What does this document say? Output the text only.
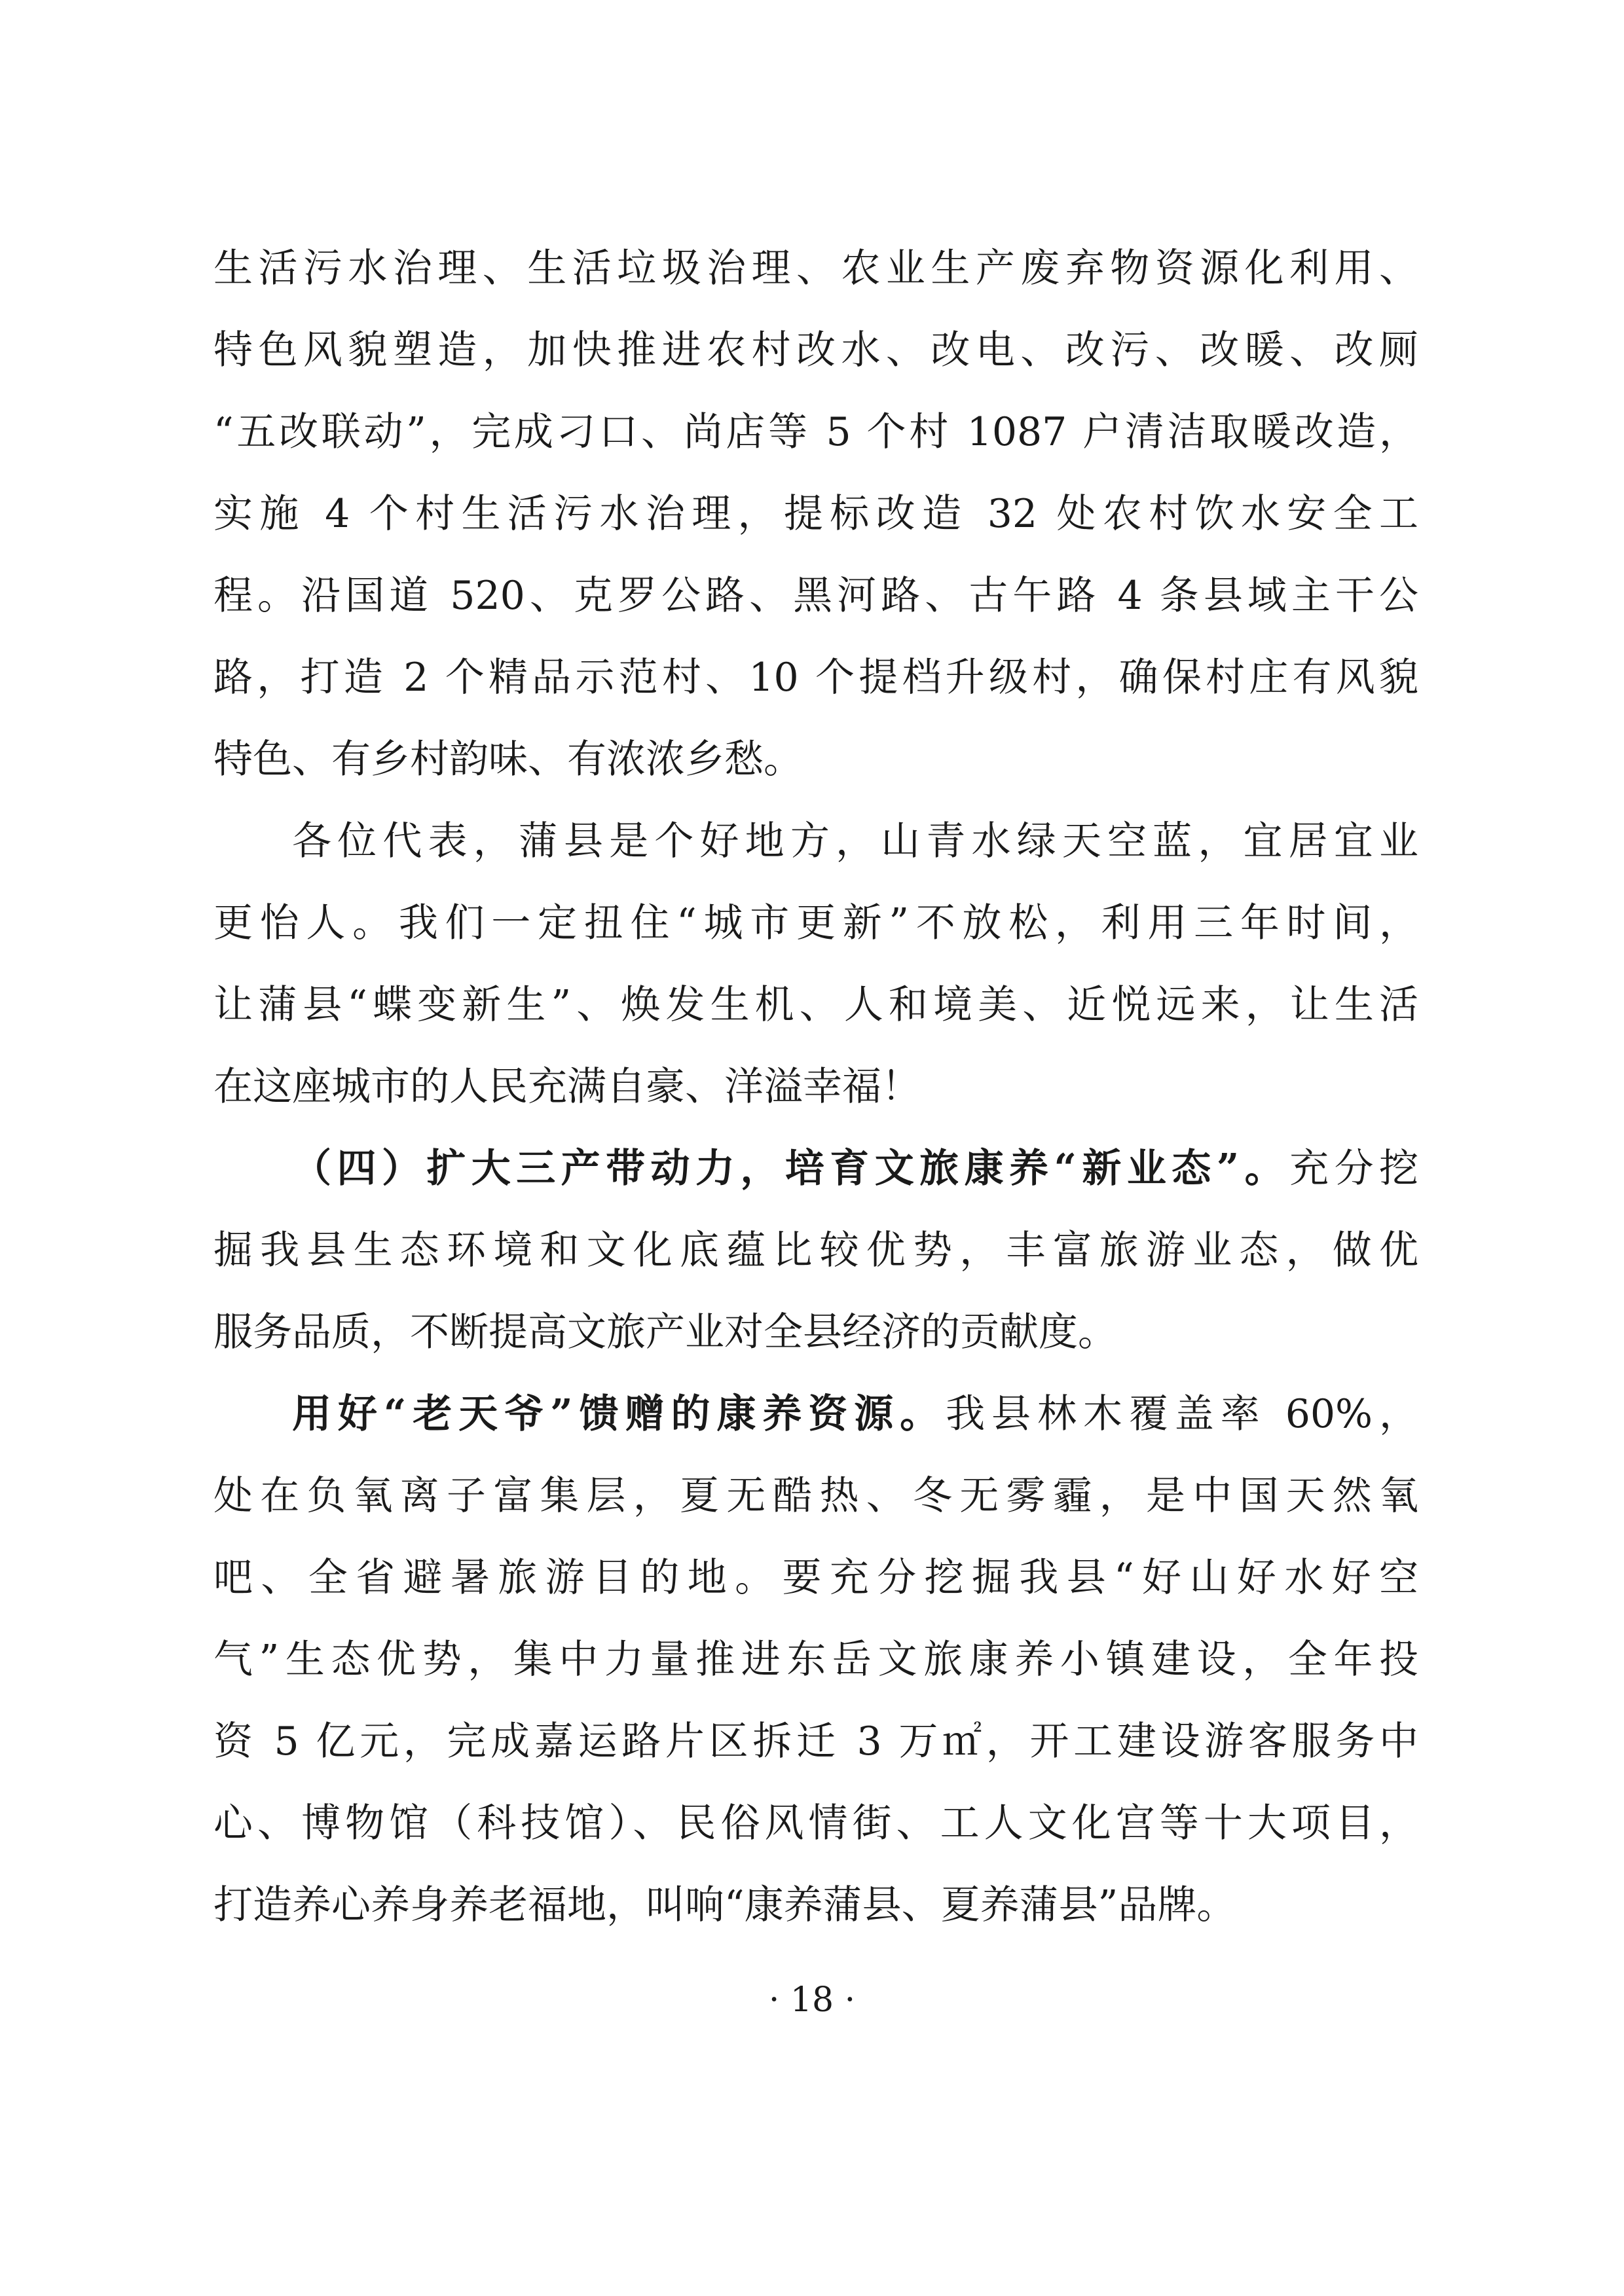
生活污水治理、生活垃圾治理、农业生产废弃物资源化利用、
特色风貌塑造，加快推进农村改水、改电、改污、改暖、改厕
“五改联动”，完成刁口、尚店等 5 个村 1087 户清洁取暖改造，
实施 4 个村生活污水治理，提标改造 32 处农村饮水安全工
程。沿国道 520、克罗公路、黑河路、古午路 4 条县域主干公
路，打造 2 个精品示范村、10 个提档升级村，确保村庄有风貌
特色、有乡村韵味、有浓浓乡愁。
各位代表，蒲县是个好地方，山青水绿天空蓝，宜居宜业
更怡人。我们一定扭住“城市更新”不放松，利用三年时间，
让蒲县“蝶变新生”、焕发生机、人和境美、近悦远来，让生活
在这座城市的人民充满自豪、洋溢幸福！
（四）扩大三产带动力，培育文旅康养“新业态”。充分挖
掘我县生态环境和文化底蕴比较优势，丰富旅游业态，做优
服务品质，不断提高文旅产业对全县经济的贡献度。
用好“老天爷”馈赠的康养资源。我县林木覆盖率 60%，
处在负氧离子富集层，夏无酷热、冬无雾霾，是中国天然氧
吧、全省避暑旅游目的地。要充分挖掘我县“好山好水好空
气”生态优势，集中力量推进东岳文旅康养小镇建设，全年投
资 5 亿元，完成嘉运路片区拆迁 3 万㎡，开工建设游客服务中
心、博物馆（科技馆）、民俗风情街、工人文化宫等十大项目，
打造养心养身养老福地，叫响“康养蒲县、夏养蒲县”品牌。
· 18 ·
